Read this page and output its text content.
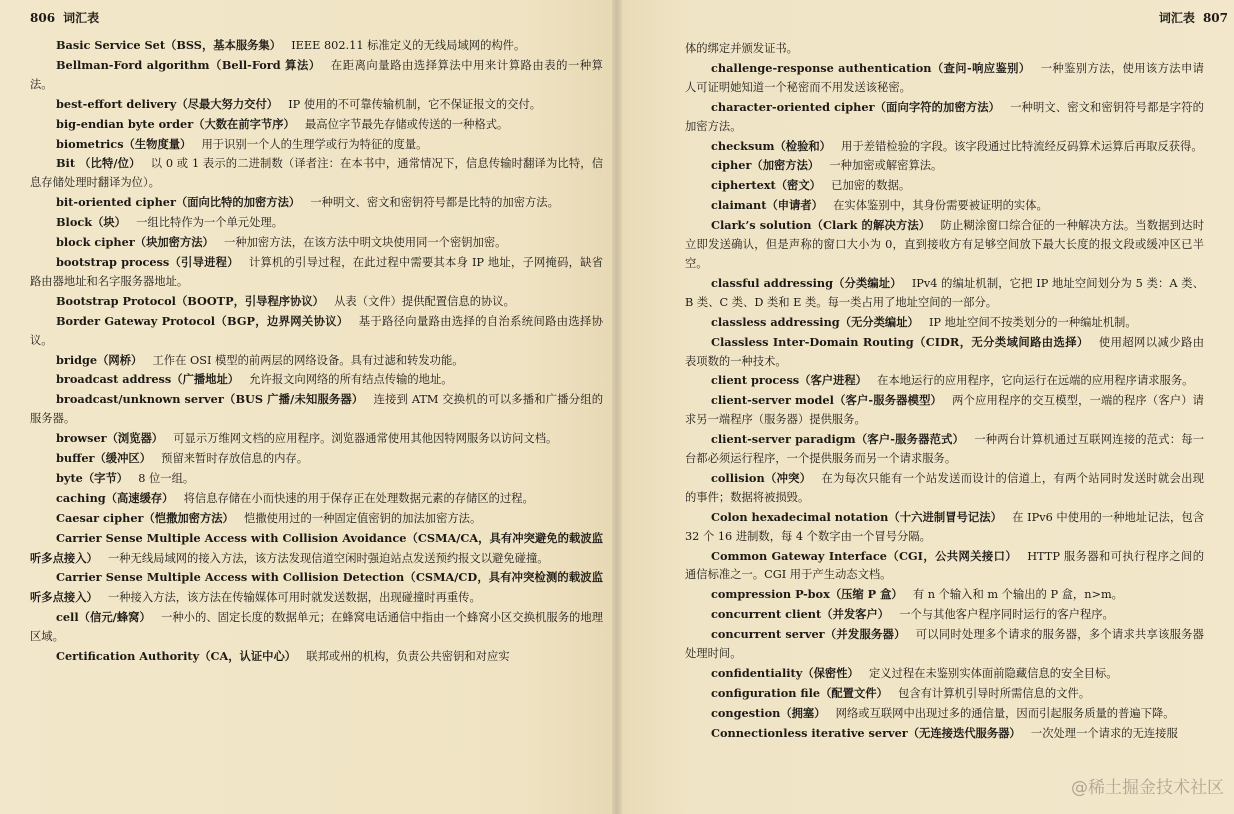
806 词汇表

Basic Service Set（BSS，基本服务集） IEEE 802.11 标准定义的无线局域网的构件。

Bellman-Ford algorithm（Bell-Ford 算法） 在距离向量路由选择算法中用来计算路由表的一种算法。

best-effort delivery（尽最大努力交付） IP 使用的不可靠传输机制，它不保证报文的交付。

big-endian byte order（大数在前字节序） 最高位字节最先存储或传送的一种格式。

biometrics（生物度量） 用于识别一个人的生理学或行为特征的度量。

Bit （比特/位） 以 0 或 1 表示的二进制数（译者注：在本书中，通常情况下，信息传输时翻译为比特，信息存储处理时翻译为位）。

bit-oriented cipher（面向比特的加密方法） 一种明文、密文和密钥符号都是比特的加密方法。

Block（块） 一组比特作为一个单元处理。

block cipher（块加密方法） 一种加密方法，在该方法中明文块使用同一个密钥加密。

bootstrap process（引导进程） 计算机的引导过程，在此过程中需要其本身 IP 地址，子网掩码，缺省路由器地址和名字服务器地址。

Bootstrap Protocol（BOOTP，引导程序协议） 从表（文件）提供配置信息的协议。

Border Gateway Protocol（BGP，边界网关协议） 基于路径向量路由选择的自治系统间路由选择协议。

bridge（网桥） 工作在 OSI 模型的前两层的网络设备。具有过滤和转发功能。

broadcast address（广播地址） 允许报文向网络的所有结点传输的地址。

broadcast/unknown server（BUS 广播/未知服务器） 连接到 ATM 交换机的可以多播和广播分组的服务器。

browser（浏览器） 可显示万维网文档的应用程序。浏览器通常使用其他因特网服务以访问文档。

buffer（缓冲区） 预留来暂时存放信息的内存。

byte（字节） 8 位一组。

caching（高速缓存） 将信息存储在小而快速的用于保存正在处理数据元素的存储区的过程。

Caesar cipher（恺撒加密方法） 恺撒使用过的一种固定值密钥的加法加密方法。

Carrier Sense Multiple Access with Collision Avoidance（CSMA/CA，具有冲突避免的载波监听多点接入） 一种无线局域网的接入方法，该方法发现信道空闲时强迫站点发送预约报文以避免碰撞。

Carrier Sense Multiple Access with Collision Detection（CSMA/CD，具有冲突检测的载波监听多点接入） 一种接入方法，该方法在传输媒体可用时就发送数据，出现碰撞时再重传。

cell（信元/蜂窝） 一种小的、固定长度的数据单元；在蜂窝电话通信中指由一个蜂窝小区交换机服务的地理区域。

Certification Authority（CA，认证中心） 联邦或州的机构，负责公共密钥和对应实

词汇表 807

体的绑定并颁发证书。

challenge-response authentication（查问-响应鉴别） 一种鉴别方法，使用该方法申请人可证明她知道一个秘密而不用发送该秘密。

character-oriented cipher（面向字符的加密方法） 一种明文、密文和密钥符号都是字符的加密方法。

checksum（检验和） 用于差错检验的字段。该字段通过比特流经反码算术运算后再取反获得。

cipher（加密方法） 一种加密或解密算法。

ciphertext（密文） 已加密的数据。

claimant（申请者） 在实体鉴别中，其身份需要被证明的实体。

Clark’s solution（Clark 的解决方法） 防止糊涂窗口综合征的一种解决方法。当数据到达时立即发送确认，但是声称的窗口大小为 0，直到接收方有足够空间放下最大长度的报文段或缓冲区已半空。

classful addressing（分类编址） IPv4 的编址机制，它把 IP 地址空间划分为 5 类：A 类、B 类、C 类、D 类和 E 类。每一类占用了地址空间的一部分。

classless addressing（无分类编址） IP 地址空间不按类划分的一种编址机制。

Classless Inter-Domain Routing（CIDR，无分类域间路由选择） 使用超网以减少路由表项数的一种技术。

client process（客户进程） 在本地运行的应用程序，它向运行在远端的应用程序请求服务。

client-server model（客户-服务器模型） 两个应用程序的交互模型，一端的程序（客户）请求另一端程序（服务器）提供服务。

client-server paradigm（客户-服务器范式） 一种两台计算机通过互联网连接的范式：每一台都必须运行程序，一个提供服务而另一个请求服务。

collision（冲突） 在为每次只能有一个站发送而设计的信道上，有两个站同时发送时就会出现的事件；数据将被损毁。

Colon hexadecimal notation（十六进制冒号记法） 在 IPv6 中使用的一种地址记法，包含 32 个 16 进制数，每 4 个数字由一个冒号分隔。

Common Gateway Interface（CGI，公共网关接口） HTTP 服务器和可执行程序之间的通信标准之一。CGI 用于产生动态文档。

compression P-box（压缩 P 盒） 有 n 个输入和 m 个输出的 P 盒，n>m。

concurrent client（并发客户） 一个与其他客户程序同时运行的客户程序。

concurrent server（并发服务器） 可以同时处理多个请求的服务器，多个请求共享该服务器处理时间。

confidentiality（保密性） 定义过程在未鉴别实体面前隐藏信息的安全目标。

configuration file（配置文件） 包含有计算机引导时所需信息的文件。

congestion（拥塞） 网络或互联网中出现过多的通信量，因而引起服务质量的普遍下降。

Connectionless iterative server（无连接迭代服务器） 一次处理一个请求的无连接服

@稀土掘金技术社区
